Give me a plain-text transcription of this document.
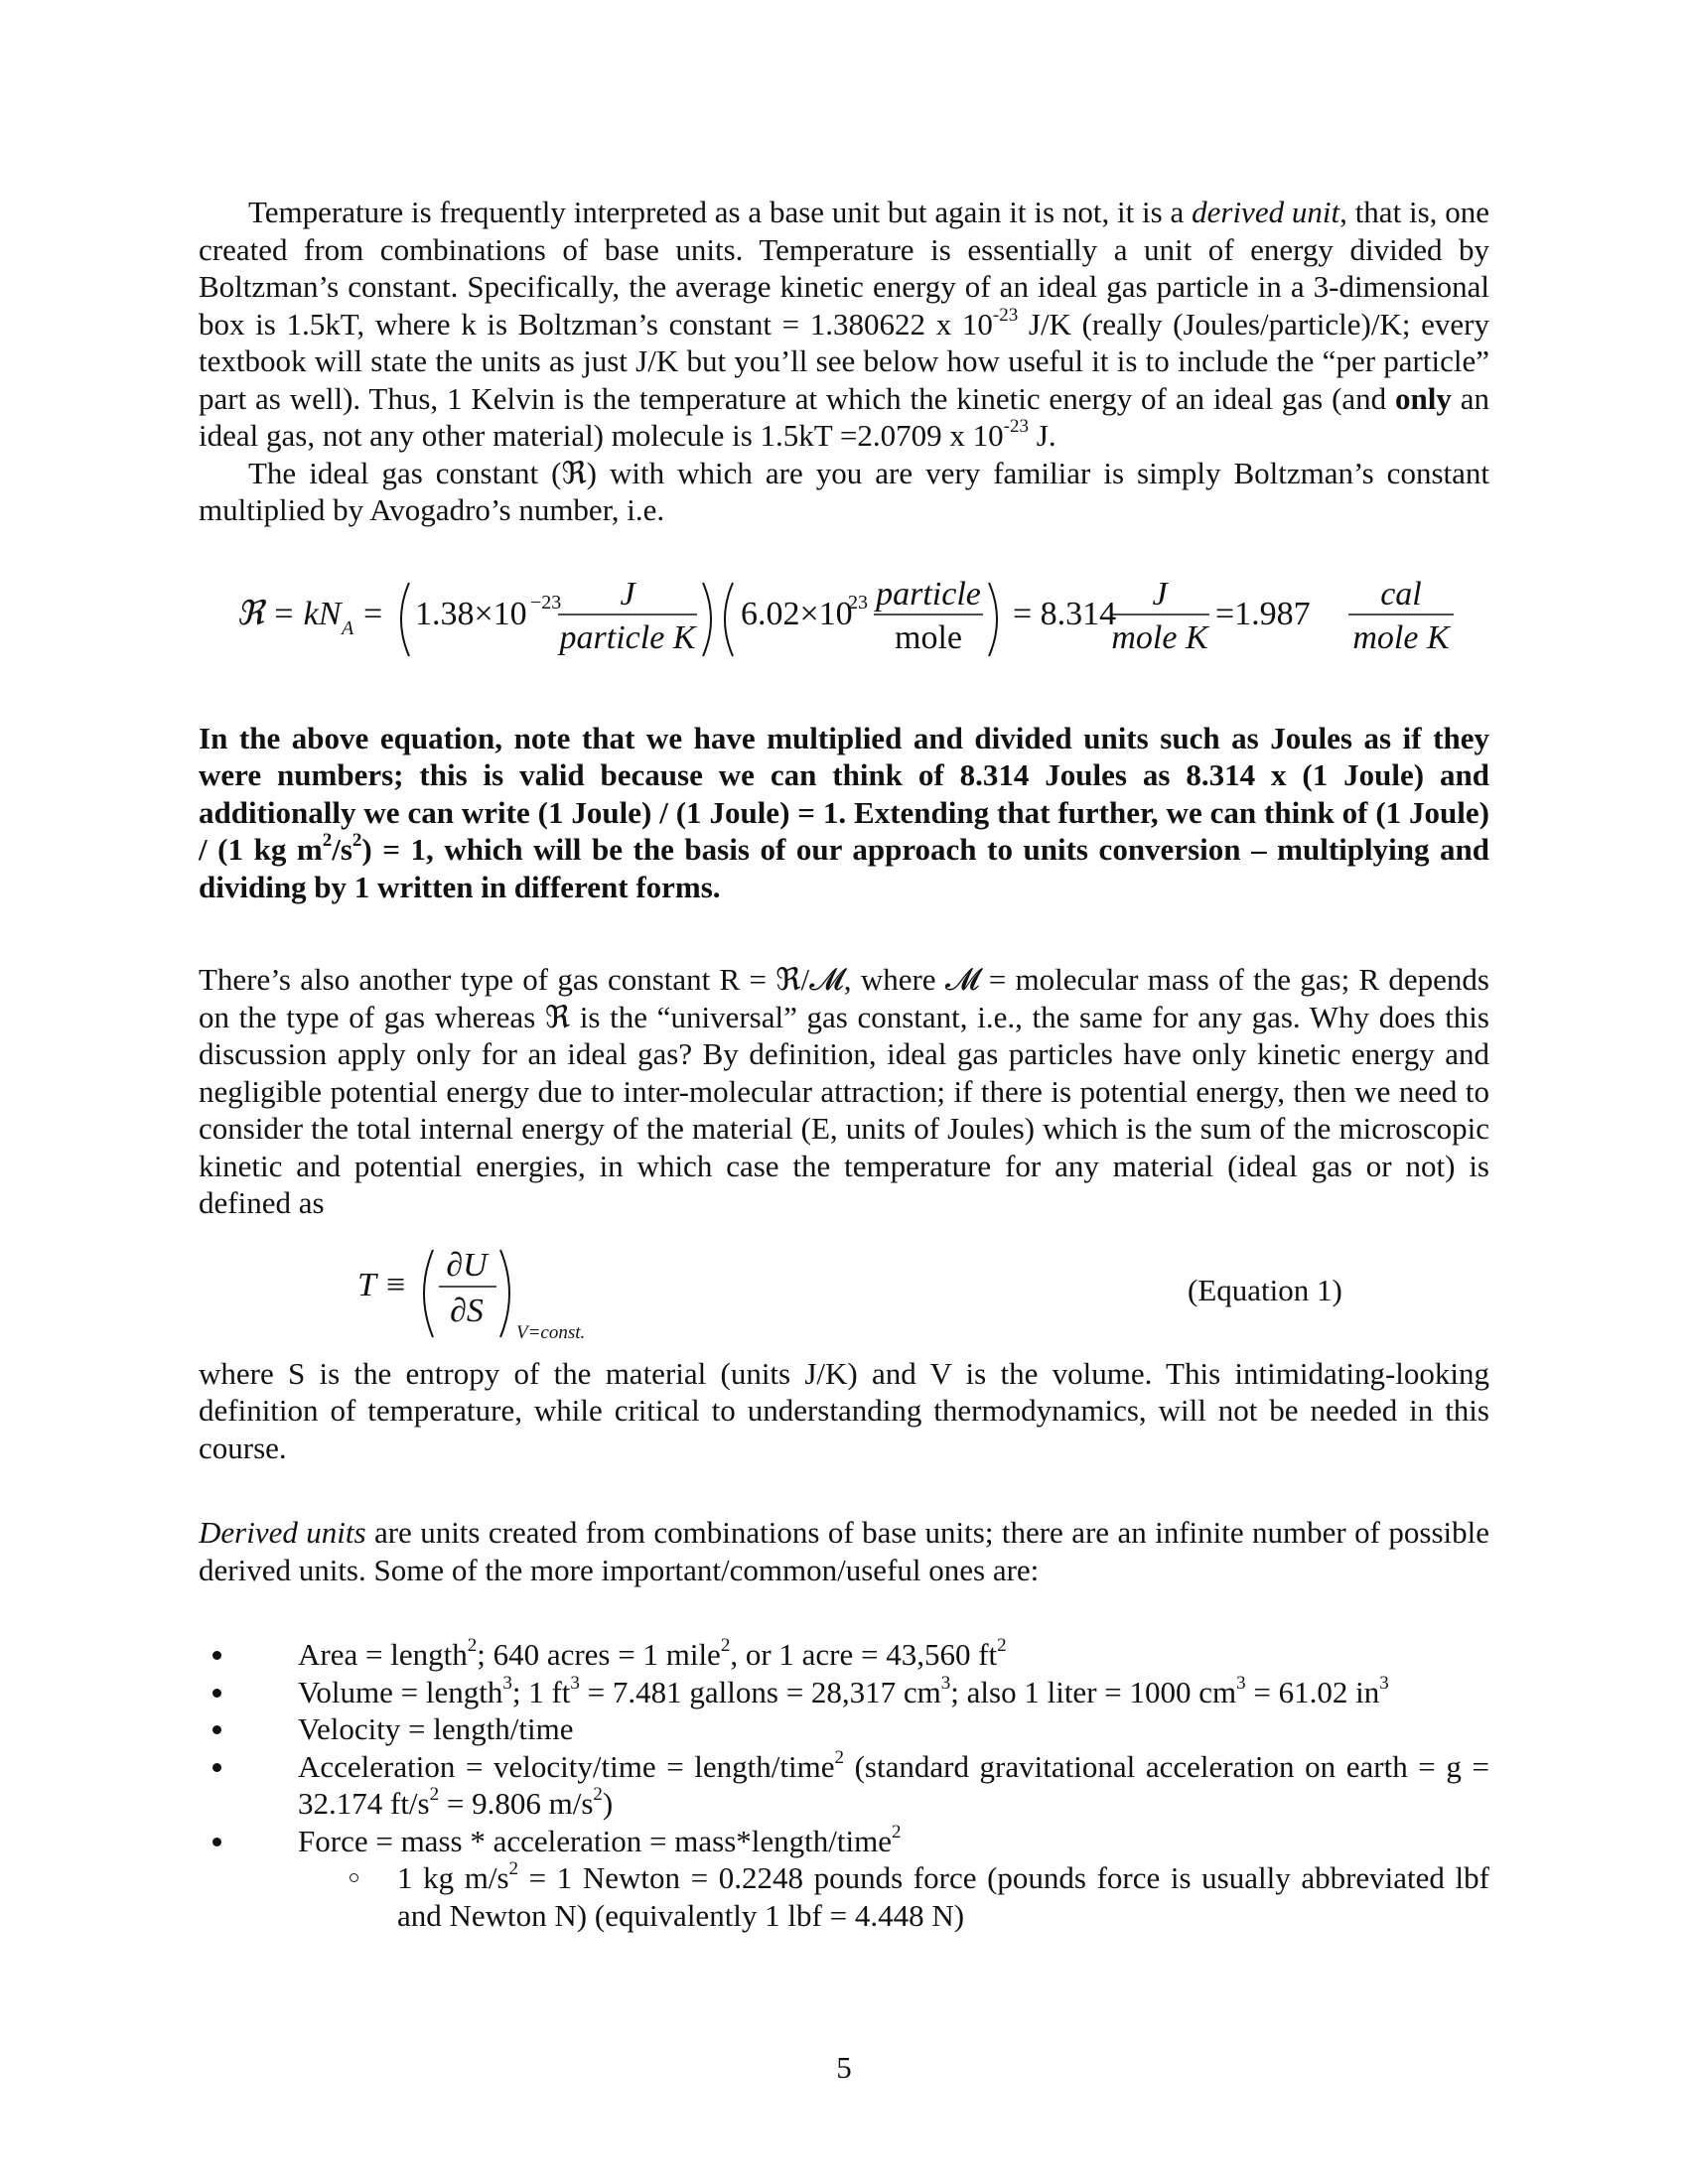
Temperature is frequently interpreted as a base unit but again it is not, it is a derived unit, that is, one created from combinations of base units. Temperature is essentially a unit of energy divided by Boltzman’s constant. Specifically, the average kinetic energy of an ideal gas particle in a 3-dimensional box is 1.5kT, where k is Boltzman’s constant = 1.380622 x $10^{-23}$ J/K (really (Joules/particle)/K; every textbook will state the units as just J/K but you’ll see below how useful it is to include the “per particle” part as well). Thus, 1 Kelvin is the temperature at which the kinetic energy of an ideal gas (and only an ideal gas, not any other material) molecule is 1.5kT =2.0709 x $10^{-23}$ J.

The ideal gas constant (ℜ) with which are you are very familiar is simply Boltzman’s constant multiplied by Avogadro’s number, i.e.

ℜ = kN A = 1.38×10 −23 J
particle K
6.02×10
23 particle
mole
= 8.314
J
mole K
=1.987
cal
mole K

In the above equation, note that we have multiplied and divided units such as Joules as if they were numbers; this is valid because we can think of 8.314 Joules as 8.314 x (1 Joule) and additionally we can write (1 Joule) / (1 Joule) = 1. Extending that further, we can think of (1 Joule) / (1 kg $m^2/s^2) = 1$, which will be the basis of our approach to units conversion – multiplying and dividing by 1 written in different forms.

There’s also another type of gas constant R = ℜ/𝓜, where 𝓜 = molecular mass of the gas; R depends on the type of gas whereas ℜ is the “universal” gas constant, i.e., the same for any gas. Why does this discussion apply only for an ideal gas? By definition, ideal gas particles have only kinetic energy and negligible potential energy due to inter-molecular attraction; if there is potential energy, then we need to consider the total internal energy of the material (E, units of Joules) which is the sum of the microscopic kinetic and potential energies, in which case the temperature for any material (ideal gas or not) is defined as

T ≡
∂U
∂S
V=const.
(Equation 1)

where S is the entropy of the material (units J/K) and V is the volume. This intimidating-looking definition of temperature, while critical to understanding thermodynamics, will not be needed in this course.

Derived units are units created from combinations of base units; there are an infinite number of possible derived units. Some of the more important/common/useful ones are:

Area = length$^2$; 640 acres = 1 mile$^2$, or 1 acre = 43,560 $ft^2$
Volume = length$^3$; 1 $ft^3 = 7.481$ gallons = 28,317 $cm^3$; also 1 liter = 1000 $cm^3 = 61.02$ $in^3$
Velocity = length/time
Acceleration = velocity/time = length/time$^2$ (standard gravitational acceleration on earth = g = 32.174 $ft/s^2 = 9.806$ $m/s^2$)
Force = mass * acceleration = mass*length/time$^2$
1 kg $m/s^2 = 1$ Newton = 0.2248 pounds force (pounds force is usually abbreviated lbf and Newton N) (equivalently 1 lbf = 4.448 N)
5
